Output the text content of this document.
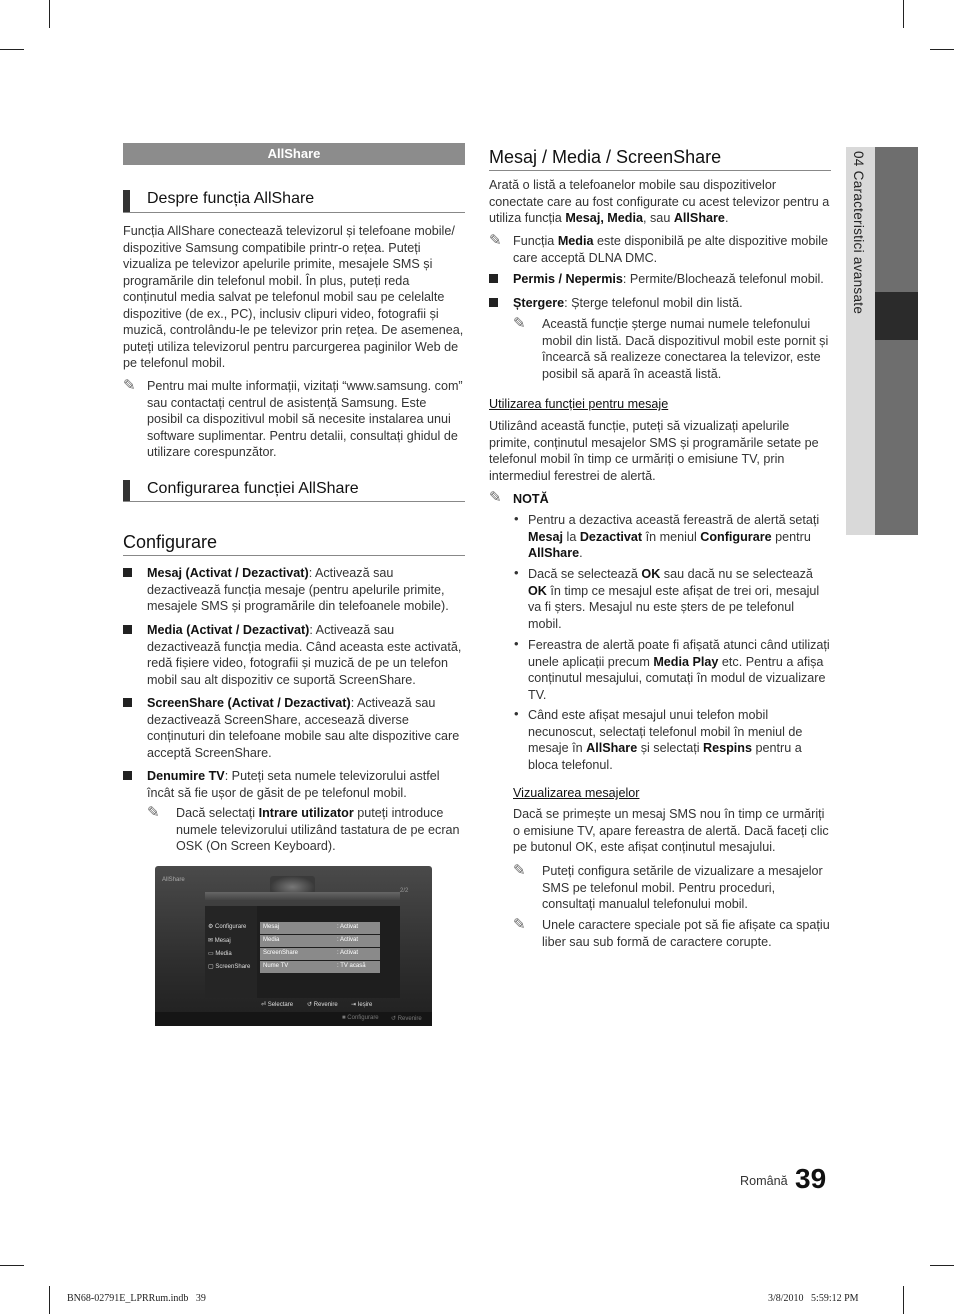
AllShare
Despre funcția AllShare
Funcția AllShare conectează televizorul și telefoane mobile/ dispozitive Samsung compatibile printr-o rețea. Puteți vizualiza pe televizor apelurile primite, mesajele SMS și programările din telefonul mobil. În plus, puteți reda conținutul media salvat pe telefonul mobil sau pe celelalte dispozitive (de ex., PC), inclusiv clipuri video, fotografii și muzică, controlându-le pe televizor prin rețea. De asemenea, puteți utiliza televizorul pentru parcurgerea paginilor Web de pe telefonul mobil.
✎ Pentru mai multe informații, vizitați “www.samsung. com” sau contactați centrul de asistență Samsung. Este posibil ca dispozitivul mobil să necesite instalarea unui software suplimentar. Pentru detalii, consultați ghidul de utilizare corespunzător.
Configurarea funcției AllShare
Configurare
Mesaj (Activat / Dezactivat): Activează sau dezactivează funcția mesaje (pentru apelurile primite, mesajele SMS și programările din telefoanele mobile).
Media (Activat / Dezactivat): Activează sau dezactivează funcția media. Când aceasta este activată, redă fișiere video, fotografii și muzică de pe un telefon mobil sau alt dispozitiv ce suportă ScreenShare.
ScreenShare (Activat / Dezactivat): Activează sau dezactivează ScreenShare, accesează diverse conținuturi din telefoane mobile sau alte dispozitive care acceptă ScreenShare.
Denumire TV: Puteți seta numele televizorului astfel încât să fie ușor de găsit de pe telefonul mobil.
✎ Dacă selectați Intrare utilizator puteți introduce numele televizorului utilizând tastatura de pe ecran OSK (On Screen Keyboard).
AllShare
2/2
⚙ Configurare
✉ Mesaj
▭ Media
▢ ScreenShare
Mesaj	: Activat
Media	: Activat
ScreenShare	: Activat
Nume TV	: TV acasă
⏎ Selectare ↺ Revenire ⇥ Ieșire
■ Configurare ↺ Revenire
Mesaj / Media / ScreenShare
Arată o listă a telefoanelor mobile sau dispozitivelor conectate care au fost configurate cu acest televizor pentru a utiliza funcția Mesaj, Media, sau AllShare.
✎ Funcția Media este disponibilă pe alte dispozitive mobile care acceptă DLNA DMC.
Permis / Nepermis: Permite/Blochează telefonul mobil.
Ștergere: Șterge telefonul mobil din listă.
✎ Această funcție șterge numai numele telefonului mobil din listă. Dacă dispozitivul mobil este pornit și încearcă să realizeze conectarea la televizor, este posibil să apară în această listă.
Utilizarea funcției pentru mesaje
Utilizând această funcție, puteți să vizualizați apelurile primite, conținutul mesajelor SMS și programările setate pe telefonul mobil în timp ce urmăriți o emisiune TV, prin intermediul ferestrei de alertă.
✎ NOTĂ
• Pentru a dezactiva această fereastră de alertă setați Mesaj la Dezactivat în meniul Configurare pentru AllShare.
• Dacă se selectează OK sau dacă nu se selectează OK în timp ce mesajul este afișat de trei ori, mesajul va fi șters. Mesajul nu este șters de pe telefonul mobil.
• Fereastra de alertă poate fi afișată atunci când utilizați unele aplicații precum Media Play etc. Pentru a afișa conținutul mesajului, comutați în modul de vizualizare TV.
• Când este afișat mesajul unui telefon mobil necunoscut, selectați telefonul mobil în meniul de mesaje în AllShare și selectați Respins pentru a bloca telefonul.
Vizualizarea mesajelor
Dacă se primește un mesaj SMS nou în timp ce urmăriți o emisiune TV, apare fereastra de alertă. Dacă faceți clic pe butonul OK, este afișat conținutul mesajului.
✎ Puteți configura setările de vizualizare a mesajelor SMS pe telefonul mobil. Pentru proceduri, consultați manualul telefonului mobil.
✎ Unele caractere speciale pot să fie afișate ca spațiu liber sau sub formă de caractere corupte.
04 Caracteristici avansate
Română 39
BN68-02791E_LPRRum.indb   39	3/8/2010   5:59:12 PM
